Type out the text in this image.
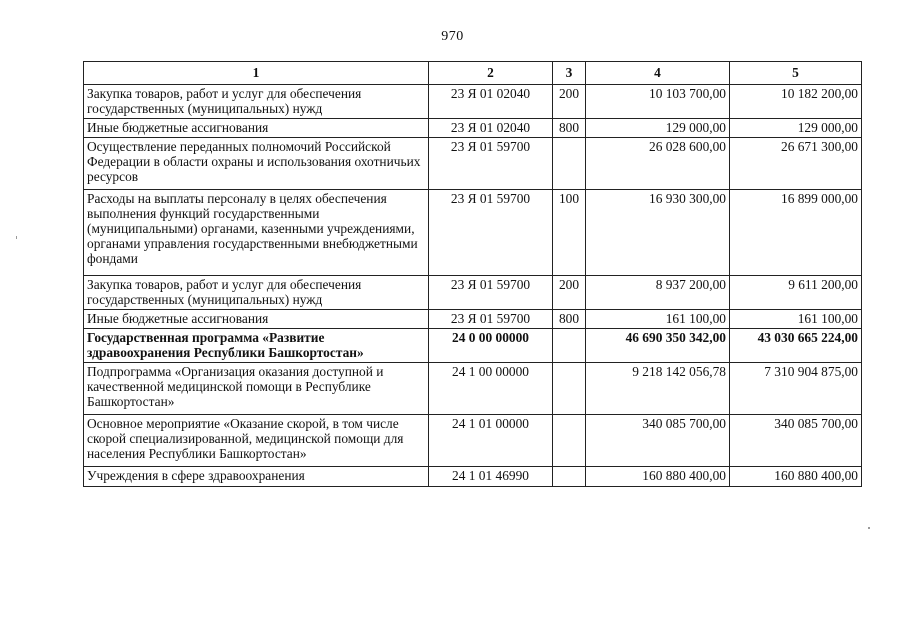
970
1	2	3	4	5
Закупка товаров, работ и услуг для обеспечения государственных (муниципальных) нужд	23 Я 01 02040	200	10 103 700,00	10 182 200,00
Иные бюджетные ассигнования	23 Я 01 02040	800	129 000,00	129 000,00
Осуществление переданных полномочий Российской Федерации в области охраны и использования охотничьих ресурсов	23 Я 01 59700		26 028 600,00	26 671 300,00
Расходы на выплаты персоналу в целях обеспечения выполнения функций государственными (муниципальными) органами, казенными учреждениями, органами управления государственными внебюджетными фондами	23 Я 01 59700	100	16 930 300,00	16 899 000,00
Закупка товаров, работ и услуг для обеспечения государственных (муниципальных) нужд	23 Я 01 59700	200	8 937 200,00	9 611 200,00
Иные бюджетные ассигнования	23 Я 01 59700	800	161 100,00	161 100,00
Государственная программа «Развитие здравоохранения Республики Башкортостан»	24 0 00 00000		46 690 350 342,00	43 030 665 224,00
Подпрограмма «Организация оказания доступной и качественной медицинской помощи в Республике Башкортостан»	24 1 00 00000		9 218 142 056,78	7 310 904 875,00
Основное мероприятие «Оказание скорой, в том числе скорой специализированной, медицинской помощи для населения Республики Башкортостан»	24 1 01 00000		340 085 700,00	340 085 700,00
Учреждения в сфере здравоохранения	24 1 01 46990		160 880 400,00	160 880 400,00
